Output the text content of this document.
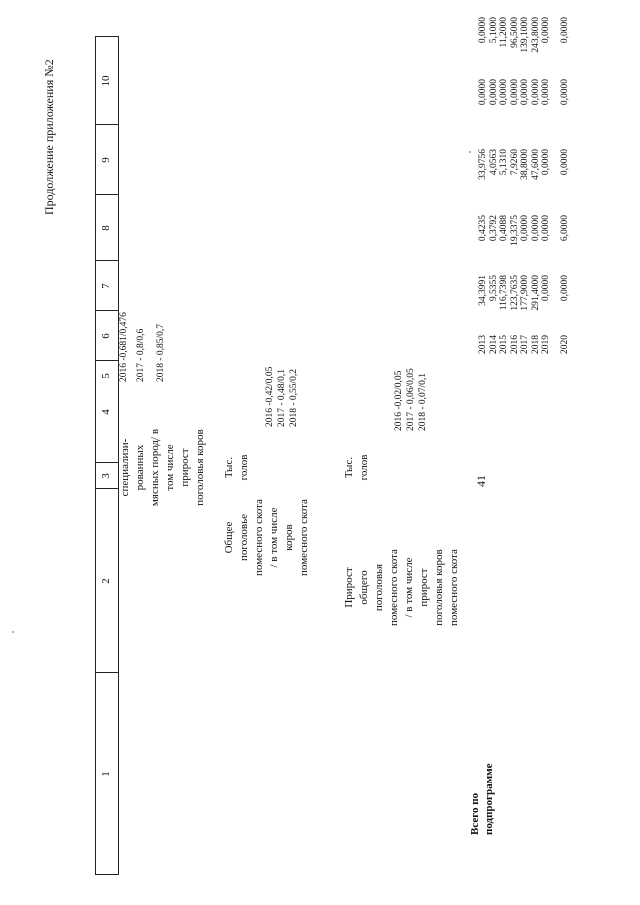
41
Продолжение приложения №2
1
2
3
4
5
6
7
8
9
10
специализи- рованных мясных пород/ в том числе прирост поголовья коров
2016 -0,681/0,476 2017 - 0,8/0,6 2018 - 0,85/0,7
Общее поголовье помесного скота / в том числе коров помесного скота
Тыс. голов
2016 -0,42/0,05 2017 - 0,48/0,1 2018 - 0,55/0,2
Прирост общего поголовья помесного скота / в том числе прирост поголовья коров помесного скота
Тыс. голов
2016 -0,02/0,05 2017 - 0,06/0,05 2018 - 0,07/0,1
Всего по подпрограмме
2013 2014 2015 2016 2017 2018 2019 2020
34,3991 9,5355 116,7398 123,7635 177,9000 291,4000 0,0000 0,0000
0,4235 0,3792 0,4088 19,3375 0,0000 0,0000 0,0000 6,0000
33,9756 4,0563 5,1310 7,9260 38,8000 47,6000 0,0000 0,0000
0,0000 0,0000 0,0000 0,0000 0,0000 0,0000 0,0000 0,0000
0,0000 5,1000 11,2000 96,5000 139,1000 243,8000 0,0000 0,0000
